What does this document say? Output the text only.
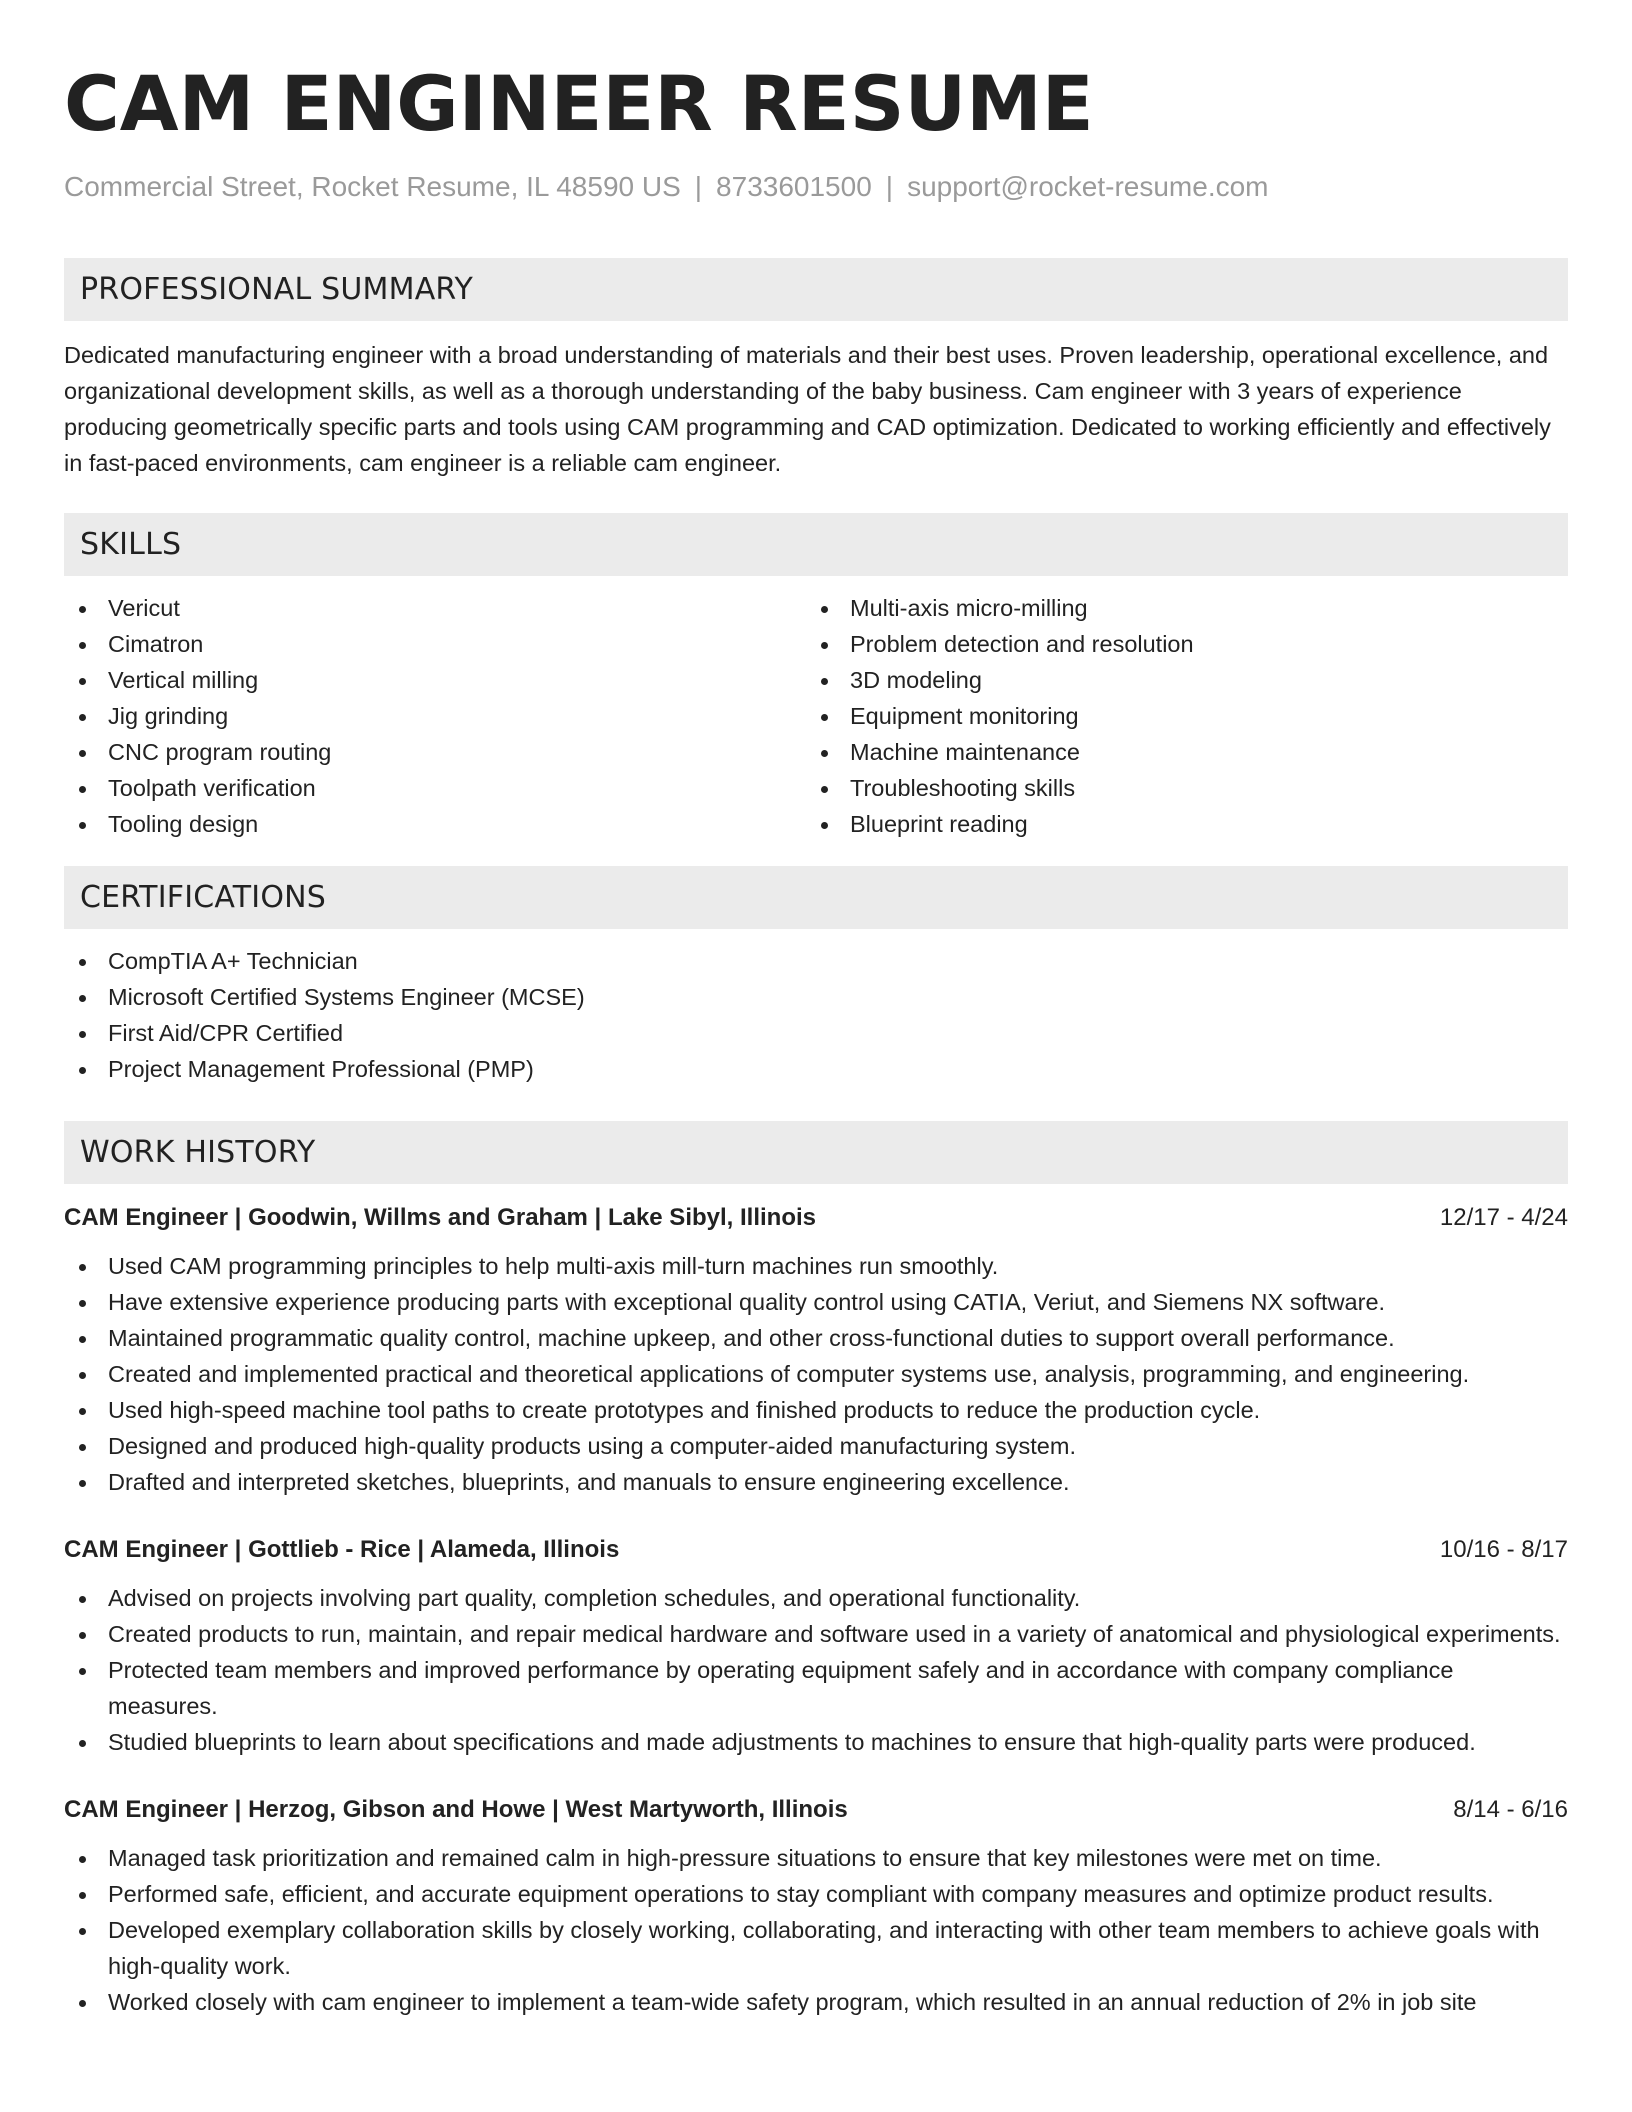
CAM ENGINEER RESUME
Commercial Street, Rocket Resume, IL 48590 US | 8733601500 | support@rocket-resume.com
PROFESSIONAL SUMMARY

Dedicated manufacturing engineer with a broad understanding of materials and their best uses. Proven leadership, operational excellence, and organizational development skills, as well as a thorough understanding of the baby business. Cam engineer with 3 years of experience producing geometrically specific parts and tools using CAM programming and CAD optimization. Dedicated to working efficiently and effectively in fast-paced environments, cam engineer is a reliable cam engineer.

SKILLS
Vericut
Cimatron
Vertical milling
Jig grinding
CNC program routing
Toolpath verification
Tooling design
Multi-axis micro-milling
Problem detection and resolution
3D modeling
Equipment monitoring
Machine maintenance
Troubleshooting skills
Blueprint reading
CERTIFICATIONS
CompTIA A+ Technician
Microsoft Certified Systems Engineer (MCSE)
First Aid/CPR Certified
Project Management Professional (PMP)
WORK HISTORY
CAM Engineer | Goodwin, Willms and Graham | Lake Sibyl, Illinois	12/17 - 4/24
Used CAM programming principles to help multi-axis mill-turn machines run smoothly.
Have extensive experience producing parts with exceptional quality control using CATIA, Veriut, and Siemens NX software.
Maintained programmatic quality control, machine upkeep, and other cross-functional duties to support overall performance.
Created and implemented practical and theoretical applications of computer systems use, analysis, programming, and engineering.
Used high-speed machine tool paths to create prototypes and finished products to reduce the production cycle.
Designed and produced high-quality products using a computer-aided manufacturing system.
Drafted and interpreted sketches, blueprints, and manuals to ensure engineering excellence.
CAM Engineer | Gottlieb - Rice | Alameda, Illinois	10/16 - 8/17
Advised on projects involving part quality, completion schedules, and operational functionality.
Created products to run, maintain, and repair medical hardware and software used in a variety of anatomical and physiological experiments.
Protected team members and improved performance by operating equipment safely and in accordance with company compliance measures.
Studied blueprints to learn about specifications and made adjustments to machines to ensure that high-quality parts were produced.
CAM Engineer | Herzog, Gibson and Howe | West Martyworth, Illinois	8/14 - 6/16
Managed task prioritization and remained calm in high-pressure situations to ensure that key milestones were met on time.
Performed safe, efficient, and accurate equipment operations to stay compliant with company measures and optimize product results.
Developed exemplary collaboration skills by closely working, collaborating, and interacting with other team members to achieve goals with high-quality work.
Worked closely with cam engineer to implement a team-wide safety program, which resulted in an annual reduction of 2% in job site
